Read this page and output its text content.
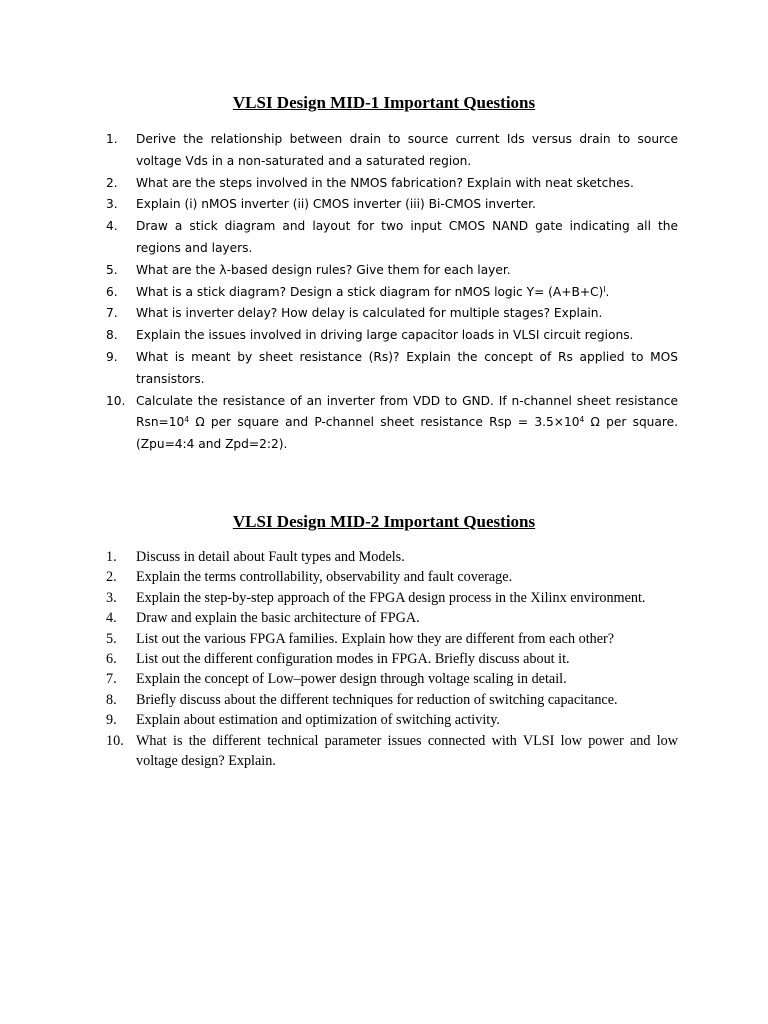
VLSI Design MID-1 Important Questions
1. Derive the relationship between drain to source current Ids versus drain to source voltage Vds in a non-saturated and a saturated region.
2. What are the steps involved in the NMOS fabrication? Explain with neat sketches.
3. Explain (i) nMOS inverter (ii) CMOS inverter (iii) Bi-CMOS inverter.
4. Draw a stick diagram and layout for two input CMOS NAND gate indicating all the regions and layers.
5. What are the λ-based design rules? Give them for each layer.
6. What is a stick diagram? Design a stick diagram for nMOS logic $Y= (A+B+C)^I$.
7. What is inverter delay? How delay is calculated for multiple stages? Explain.
8. Explain the issues involved in driving large capacitor loads in VLSI circuit regions.
9. What is meant by sheet resistance (Rs)? Explain the concept of Rs applied to MOS transistors.
10. Calculate the resistance of an inverter from VDD to GND. If n-channel sheet resistance $Rsn=10^4$ Ω per square and P-channel sheet resistance Rsp = $3.5\times 10^4$ Ω per square. (Zpu=4:4 and Zpd=2:2).
VLSI Design MID-2 Important Questions
1. Discuss in detail about Fault types and Models.
2. Explain the terms controllability, observability and fault coverage.
3. Explain the step-by-step approach of the FPGA design process in the Xilinx environment.
4. Draw and explain the basic architecture of FPGA.
5. List out the various FPGA families. Explain how they are different from each other?
6. List out the different configuration modes in FPGA. Briefly discuss about it.
7. Explain the concept of Low–power design through voltage scaling in detail.
8. Briefly discuss about the different techniques for reduction of switching capacitance.
9. Explain about estimation and optimization of switching activity.
10. What is the different technical parameter issues connected with VLSI low power and low voltage design? Explain.
